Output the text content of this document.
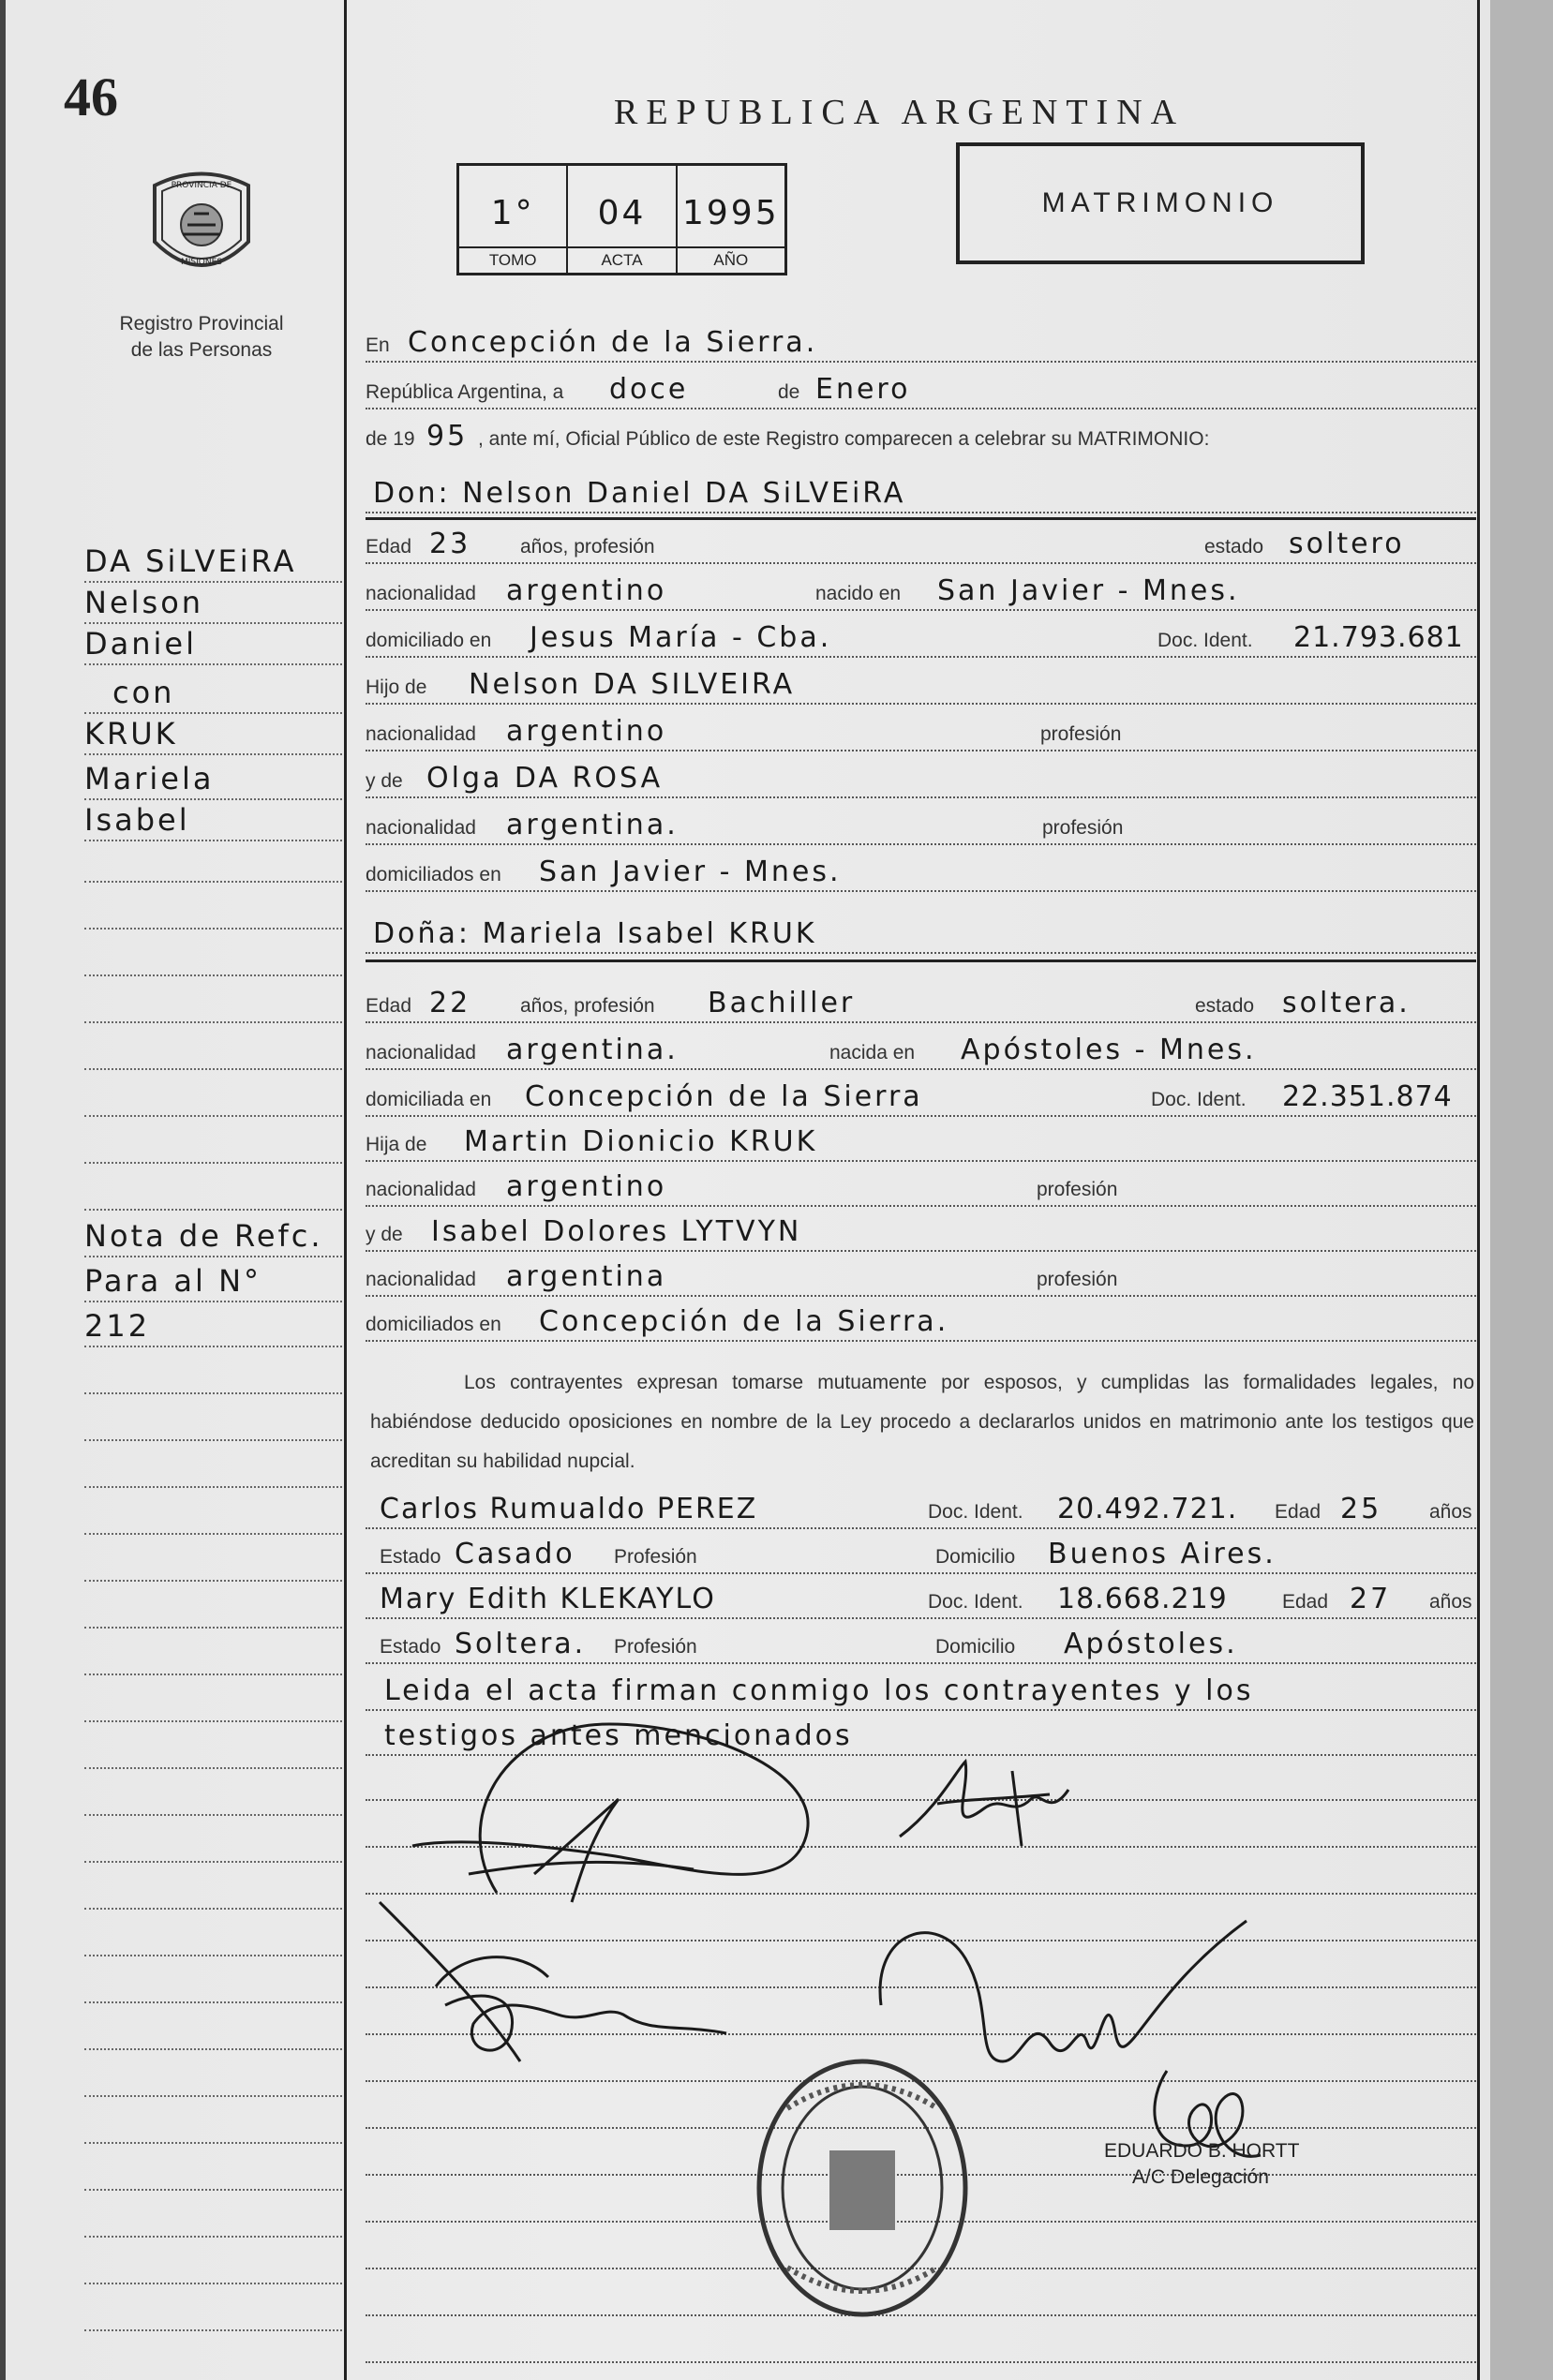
46
PROVINCIA DE
MISIONES
Registro Provincial
de las Personas
REPUBLICA ARGENTINA
1°
TOMO
04
ACTA
1995
AÑO
MATRIMONIO
DA SiLVEiRA
Nelson
Daniel
con
KRUK
Mariela
Isabel
Nota de Refc.
Para al N°
212
En Concepción de la Sierra.
República Argentina, a doce	de Enero
de 19 95 , ante mí, Oficial Público de este Registro comparecen a celebrar su MATRIMONIO:
Don: Nelson Daniel DA SiLVEiRA
Edad 23	años, profesión	estado soltero
nacionalidad argentino	nacido en San Javier - Mnes.
domiciliado en Jesus María - Cba.	Doc. Ident. 21.793.681
Hijo de Nelson DA SILVEIRA
nacionalidad argentino	profesión
y de Olga DA ROSA
nacionalidad argentina.	profesión
domiciliados en San Javier - Mnes.
Doña: Mariela Isabel KRUK
Edad 22	años, profesión Bachiller	estado soltera.
nacionalidad argentina.	nacida en Apóstoles - Mnes.
domiciliada en Concepción de la Sierra	Doc. Ident. 22.351.874
Hija de Martin Dionicio KRUK
nacionalidad argentino	profesión
y de Isabel Dolores LYTVYN
nacionalidad argentina	profesión
domiciliados en Concepción de la Sierra.
Los contrayentes expresan tomarse mutuamente por esposos, y cumplidas las formalidades legales, no habiéndose deducido oposiciones en nombre de la Ley procedo a declararlos unidos en matrimonio ante los testigos que acreditan su habilidad nupcial.
Carlos Rumualdo PEREZ	Doc. Ident. 20.492.721. Edad 25 años
Estado Casado Profesión	Domicilio Buenos Aires.
Mary Edith KLEKAYLO	Doc. Ident. 18.668.219	Edad 27 años
Estado Soltera. Profesión	Domicilio Apóstoles.
Leida el acta firman conmigo los contrayentes y los
testigos antes mencionados
EDUARDO B. HORTT
A/C Delegación
